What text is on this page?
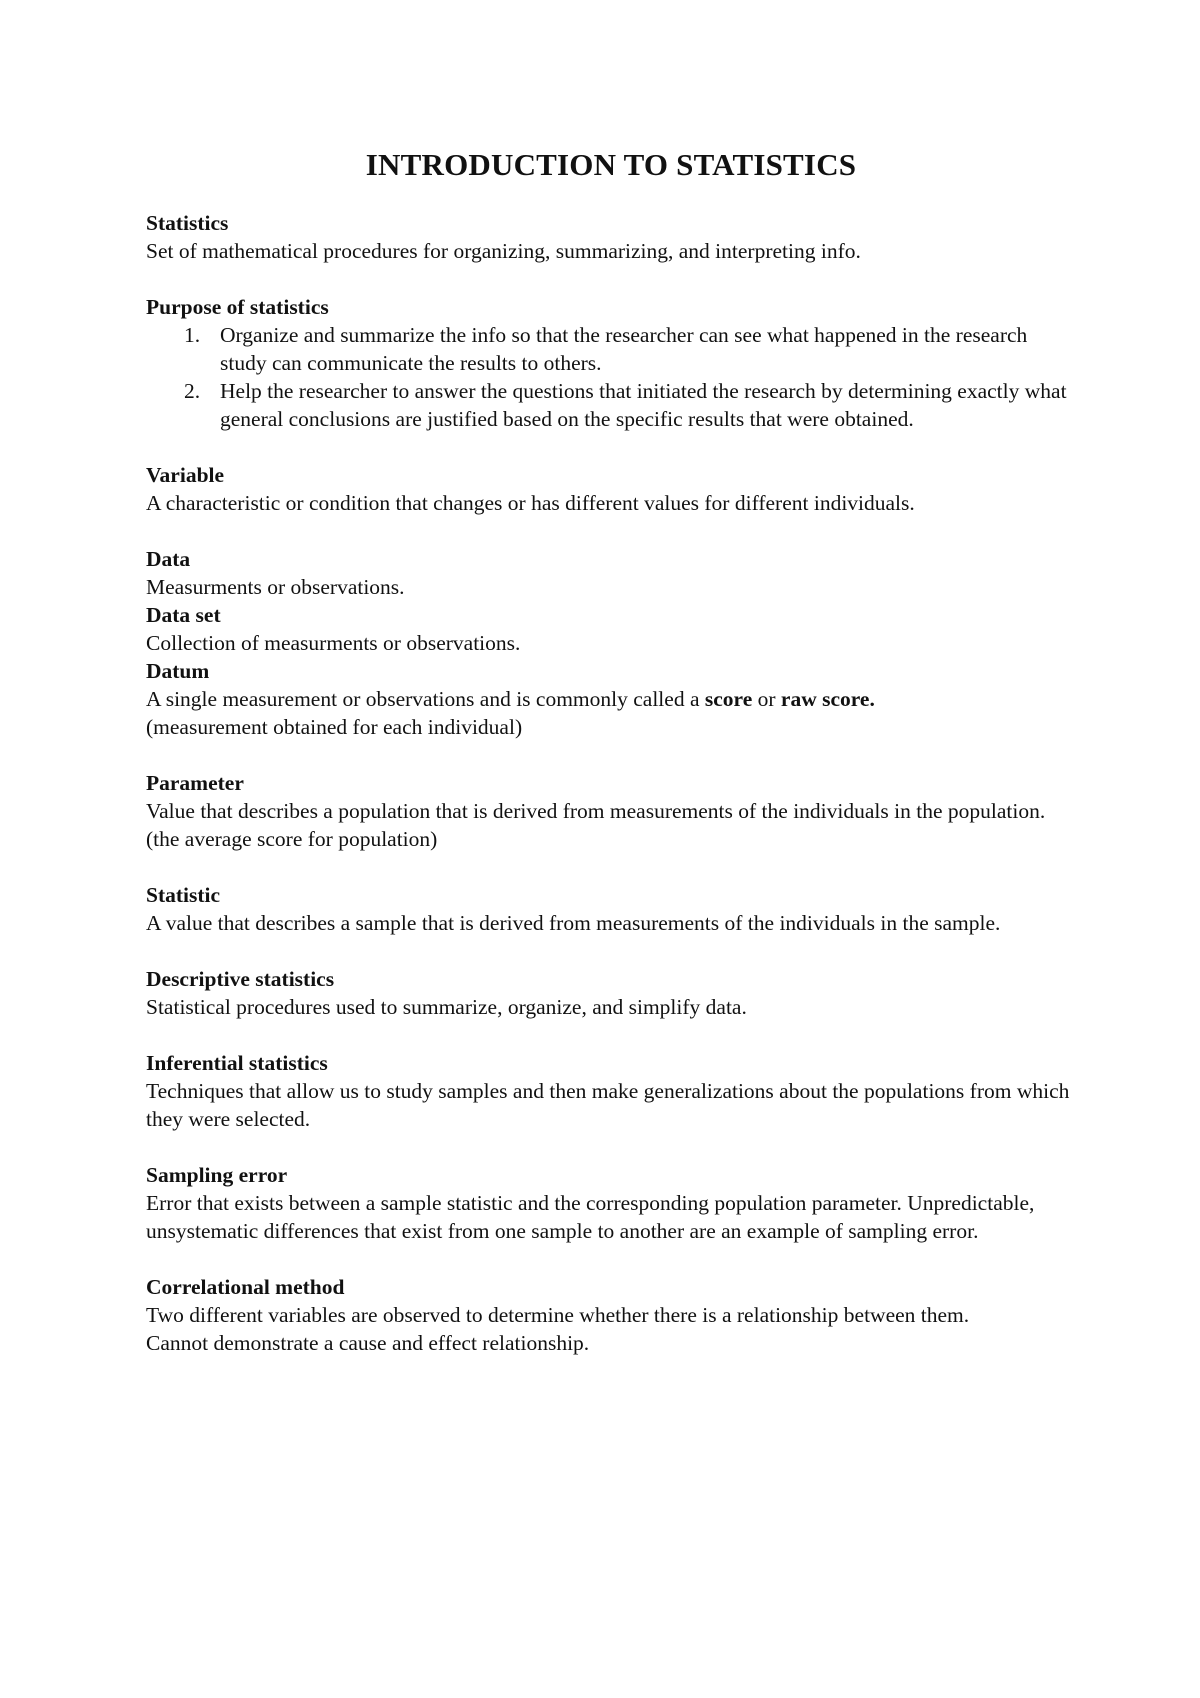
INTRODUCTION TO STATISTICS

Statistics

Set of mathematical procedures for organizing, summarizing, and interpreting info.

Purpose of statistics

1. Organize and summarize the info so that the researcher can see what happened in the research study can communicate the results to others.
2. Help the researcher to answer the questions that initiated the research by determining exactly what general conclusions are justified based on the specific results that were obtained.

Variable

A characteristic or condition that changes or has different values for different individuals.

Data

Measurments or observations.

Data set

Collection of measurments or observations.

Datum

A single measurement or observations and is commonly called a score or raw score.

(measurement obtained for each individual)

Parameter

Value that describes a population that is derived from measurements of the individuals in the population. (the average score for population)

Statistic

A value that describes a sample that is derived from measurements of the individuals in the sample.

Descriptive statistics

Statistical procedures used to summarize, organize, and simplify data.

Inferential statistics

Techniques that allow us to study samples and then make generalizations about the populations from which they were selected.

Sampling error

Error that exists between a sample statistic and the corresponding population parameter. Unpredictable, unsystematic differences that exist from one sample to another are an example of sampling error.

Correlational method

Two different variables are observed to determine whether there is a relationship between them.

Cannot demonstrate a cause and effect relationship.
